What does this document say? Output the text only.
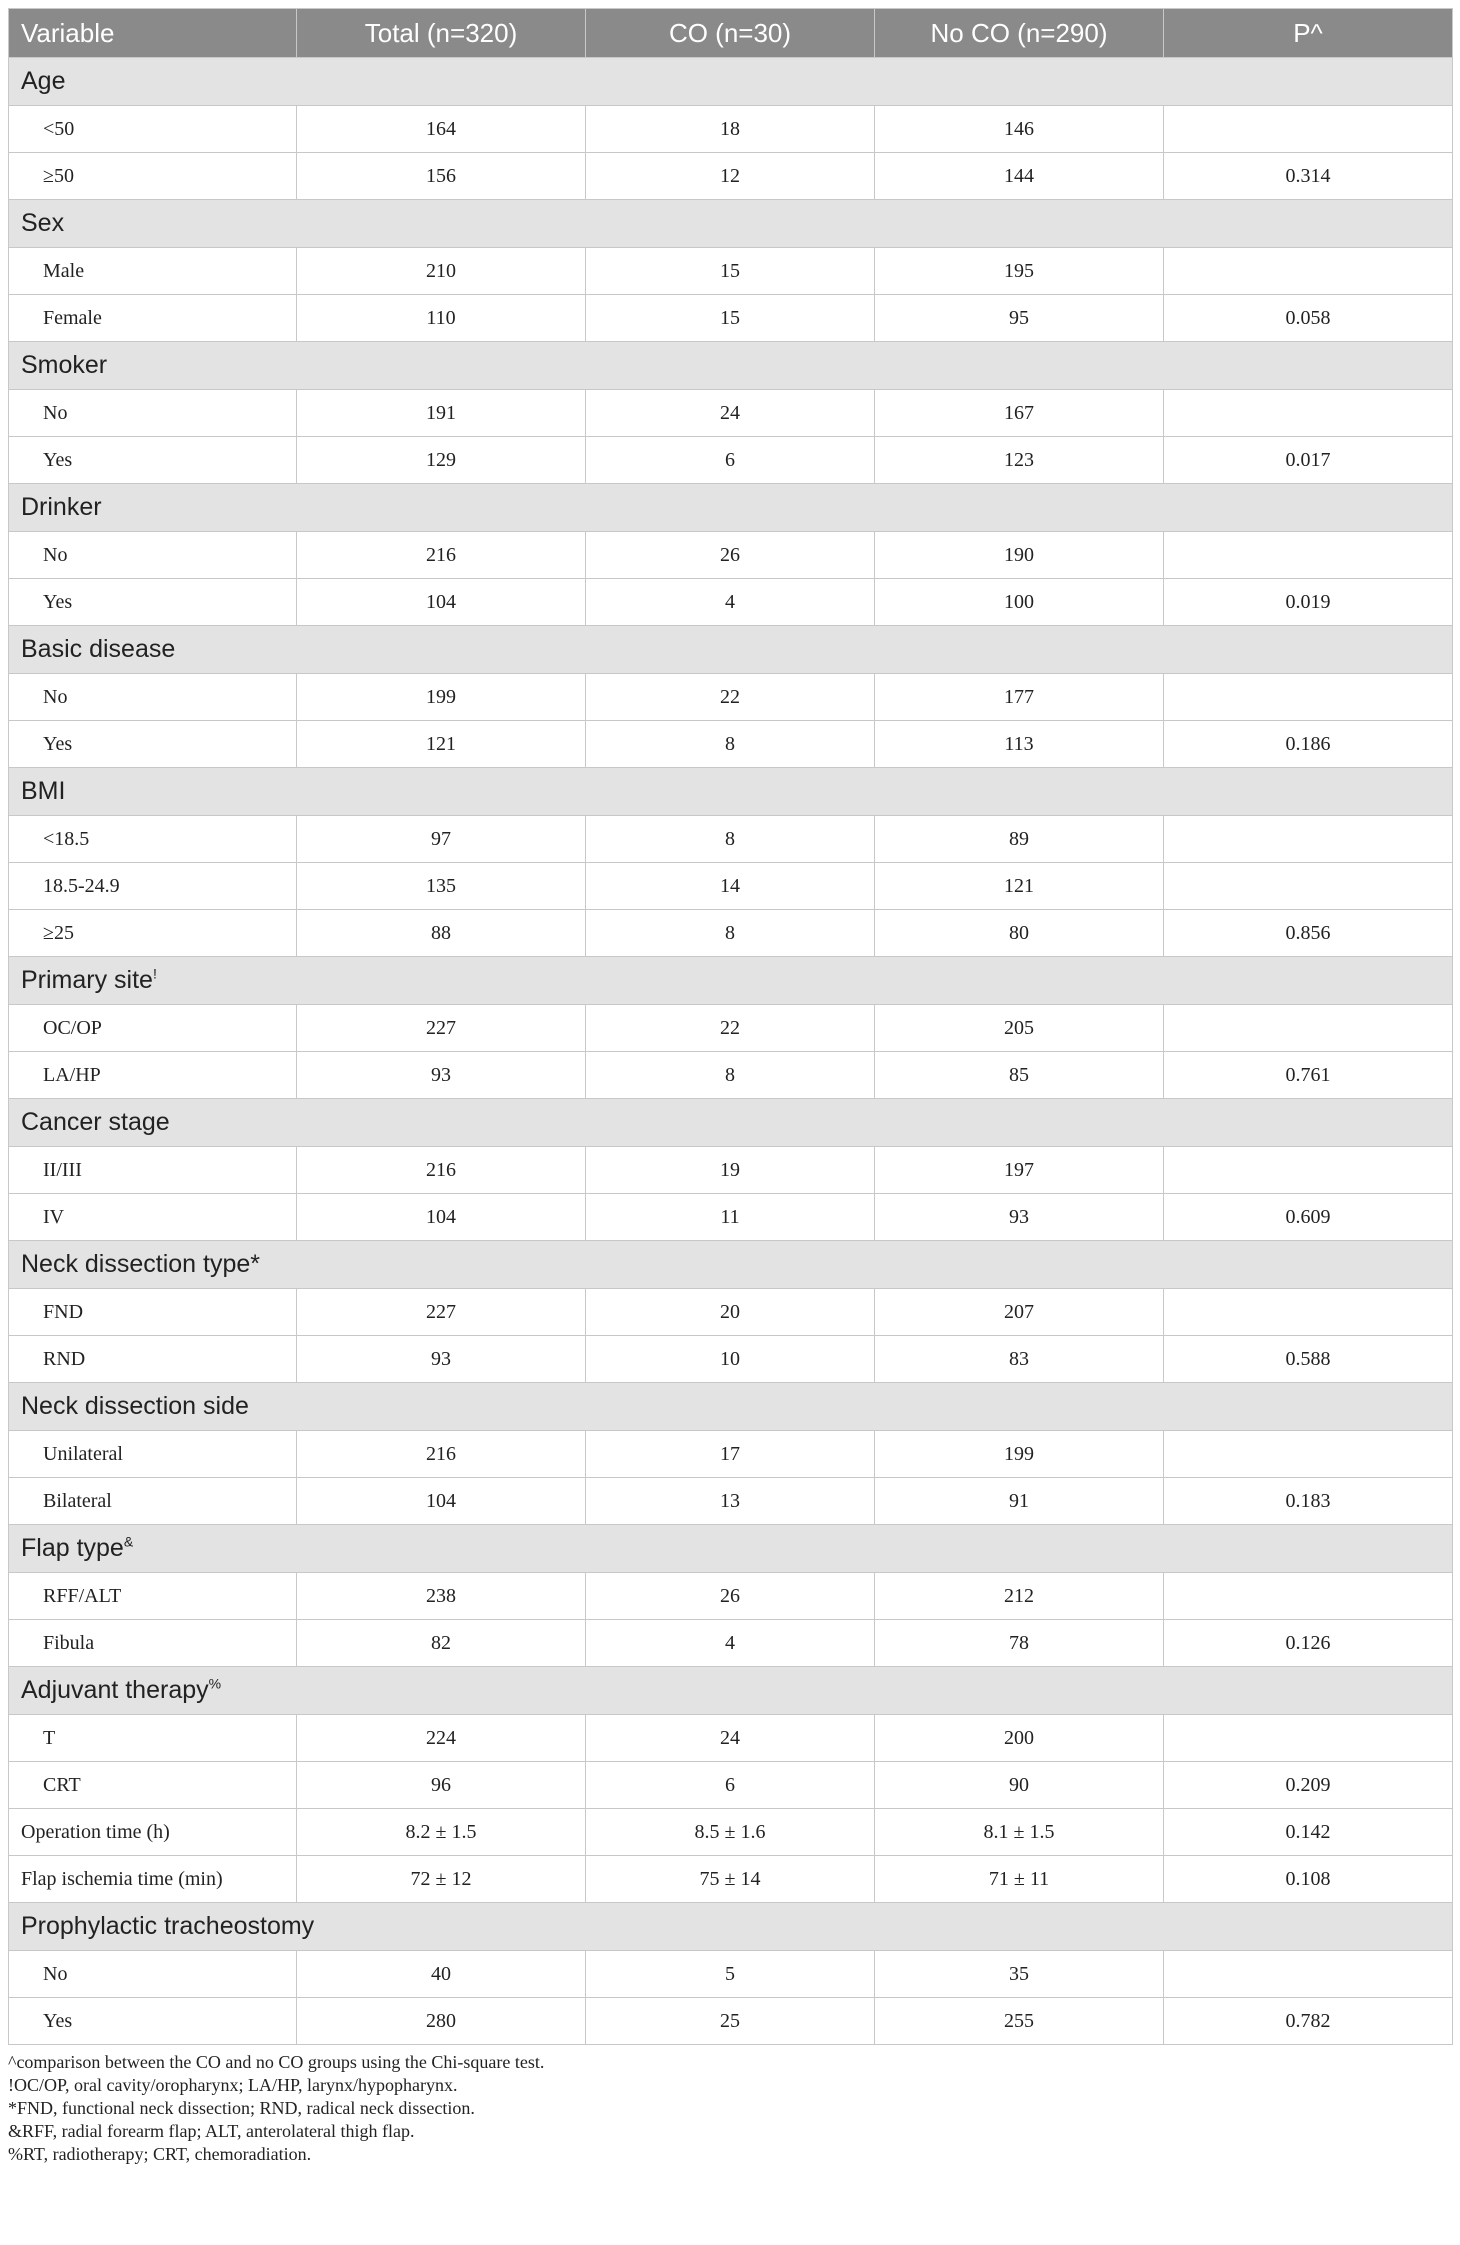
Variable	Total (n=320)	CO (n=30)	No CO (n=290)	P^
Age				
<50	164	18	146	
≥50	156	12	144	0.314
Sex				
Male	210	15	195	
Female	110	15	95	0.058
Smoker				
No	191	24	167	
Yes	129	6	123	0.017
Drinker				
No	216	26	190	
Yes	104	4	100	0.019
Basic disease				
No	199	22	177	
Yes	121	8	113	0.186
BMI				
<18.5	97	8	89	
18.5-24.9	135	14	121	
≥25	88	8	80	0.856
Primary site!
OC/OP	227	22	205	
LA/HP	93	8	85	0.761
Cancer stage				
II/III	216	19	197	
IV	104	11	93	0.609
Neck dissection type*				
FND	227	20	207	
RND	93	10	83	0.588
Neck dissection side				
Unilateral	216	17	199	
Bilateral	104	13	91	0.183
Flap type&
RFF/ALT	238	26	212	
Fibula	82	4	78	0.126
Adjuvant therapy%
T	224	24	200	
CRT	96	6	90	0.209
Operation time (h)	8.2 ± 1.5	8.5 ± 1.6	8.1 ± 1.5	0.142
Flap ischemia time (min)	72 ± 12	75 ± 14	71 ± 11	0.108
Prophylactic tracheostomy				
No	40	5	35	
Yes	280	25	255	0.782
^comparison between the CO and no CO groups using the Chi-square test.
!OC/OP, oral cavity/oropharynx; LA/HP, larynx/hypopharynx.
*FND, functional neck dissection; RND, radical neck dissection.
&RFF, radial forearm flap; ALT, anterolateral thigh flap.
%RT, radiotherapy; CRT, chemoradiation.
